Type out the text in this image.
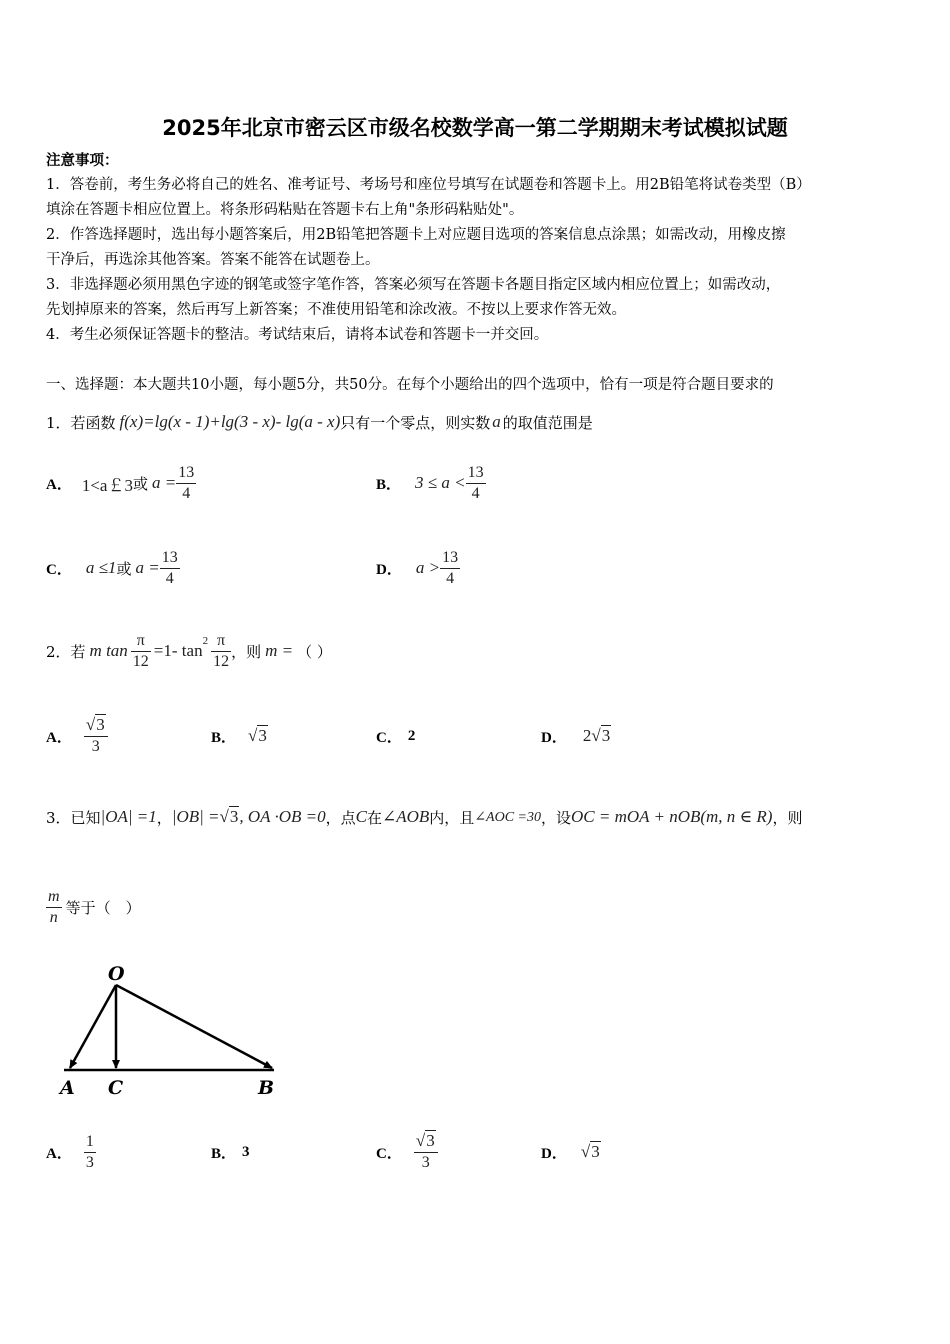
2025年北京市密云区市级名校数学高一第二学期期末考试模拟试题
注意事项：
1．答卷前，考生务必将自己的姓名、准考证号、考场号和座位号填写在试题卷和答题卡上。用2B铅笔将试卷类型（B）
填涂在答题卡相应位置上。将条形码粘贴在答题卡右上角"条形码粘贴处"。
2．作答选择题时，选出每小题答案后，用2B铅笔把答题卡上对应题目选项的答案信息点涂黑；如需改动，用橡皮擦
干净后，再选涂其他答案。答案不能答在试题卷上。
3．非选择题必须用黑色字迹的钢笔或签字笔作答，答案必须写在答题卡各题目指定区域内相应位置上；如需改动，
先划掉原来的答案，然后再写上新答案；不准使用铅笔和涂改液。不按以上要求作答无效。
4．考生必须保证答题卡的整洁。考试结束后，请将本试卷和答题卡一并交回。
一、选择题：本大题共10小题，每小题5分，共50分。在每个小题给出的四个选项中，恰有一项是符合题目要求的
1．若函数 f(x)=lg(x - 1)+lg(3 - x)- lg(a - x) 只有一个零点，则实数 a 的取值范围是
A． 1<a￡3 或 $a = \frac{13}{4}$	B． $3 \le a < \frac{13}{4}$
C． a ≤1 或 $a = \frac{13}{4}$	D． $a > \frac{13}{4}$
2．若 m $\tan \frac{\pi}{12} =1-$ $\tan^2 \frac{\pi}{12}$ ，则 m = （ ）
A． $\frac{√3}{3}$	B． √3	C． 2	D． 2 √3
3．已知 |OA| =1 ， |OB| = √3 , OA ·OB =0 ，点 C 在 ∠AOB 内，且 ∠AOC =30 ，设 OC = mOA + nOB(m, n ∈ R) ，则
$\frac{m}{n}$ 等于（　）
O
A C	B
A． $\frac{1}{3}$	B． 3	C． $\frac{√3}{3}$	D． √3
